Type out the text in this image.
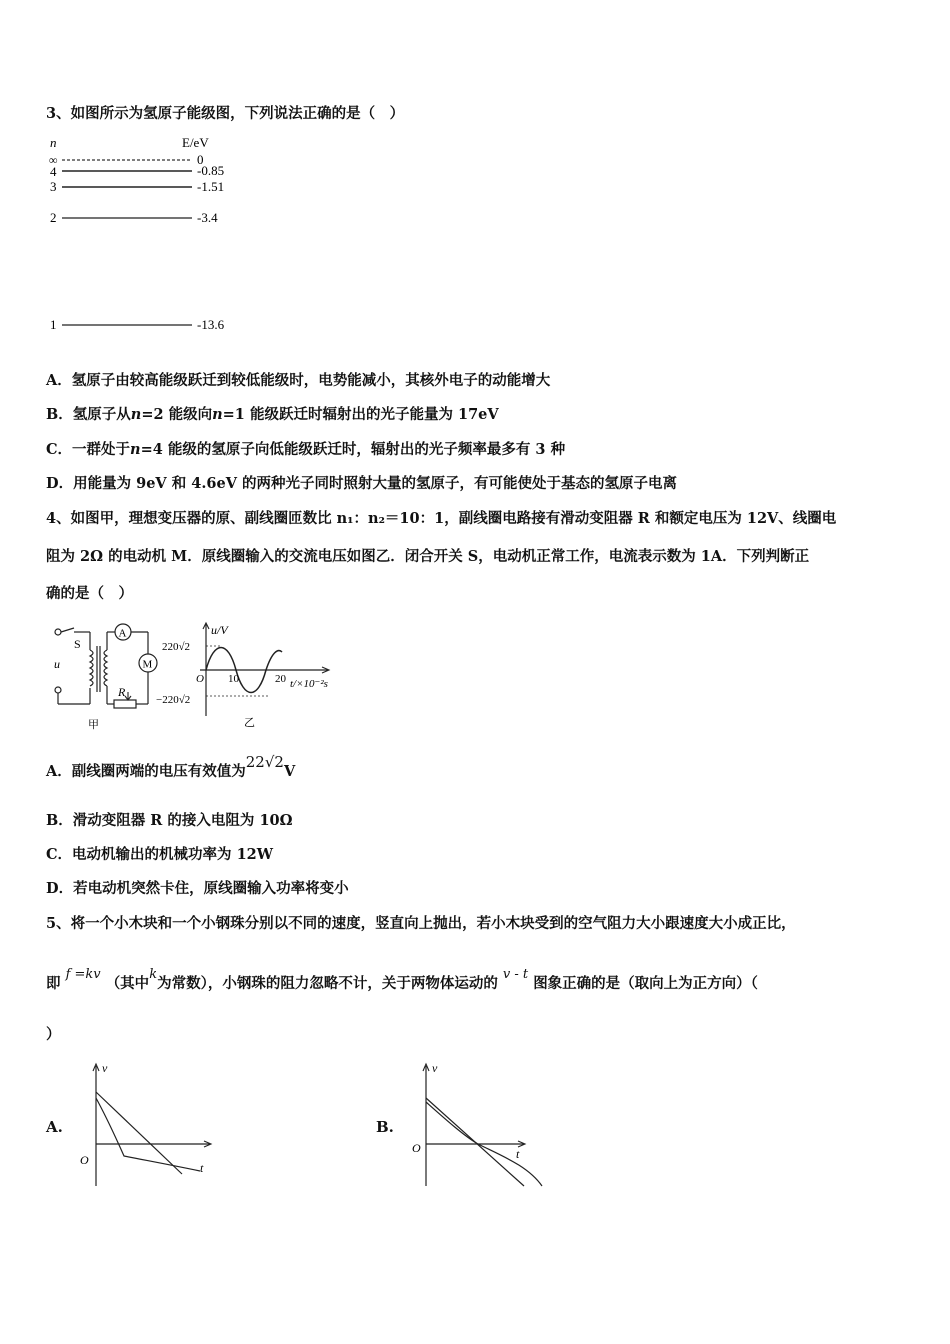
3、如图所示为氢原子能级图，下列说法正确的是（　）
n	E/eV
∞	0
4	-0.85
3	-1.51
2	-3.4
1	-13.6
A．氢原子由较高能级跃迁到较低能级时，电势能减小，其核外电子的动能增大
B．氢原子从n=2 能级向n=1 能级跃迁时辐射出的光子能量为 17eV
C．一群处于n=4 能级的氢原子向低能级跃迁时，辐射出的光子频率最多有 3 种
D．用能量为 9eV 和 4.6eV 的两种光子同时照射大量的氢原子，有可能使处于基态的氢原子电离
4、如图甲，理想变压器的原、副线圈匝数比 n₁：n₂＝10：1，副线圈电路接有滑动变阻器 R 和额定电压为 12V、线圈电
阻为 2Ω 的电动机 M．原线圈输入的交流电压如图乙．闭合开关 S，电动机正常工作，电流表示数为 1A．下列判断正
确的是（　）
S
u
A
M
R
甲
u/V
220√2
−220√2
O 10	20 t/×10⁻²s
乙
A．副线圈两端的电压有效值为22√2V
B．滑动变阻器 R 的接入电阻为 10Ω
C．电动机输出的机械功率为 12W
D．若电动机突然卡住，原线圈输入功率将变小
5、将一个小木块和一个小钢珠分别以不同的速度，竖直向上抛出，若小木块受到的空气阻力大小跟速度大小成正比，
即 f =kv （其中k为常数），小钢珠的阻力忽略不计，关于两物体运动的 v - t 图象正确的是（取向上为正方向）（
）
A.
v
t
O
B.
v
t
O
